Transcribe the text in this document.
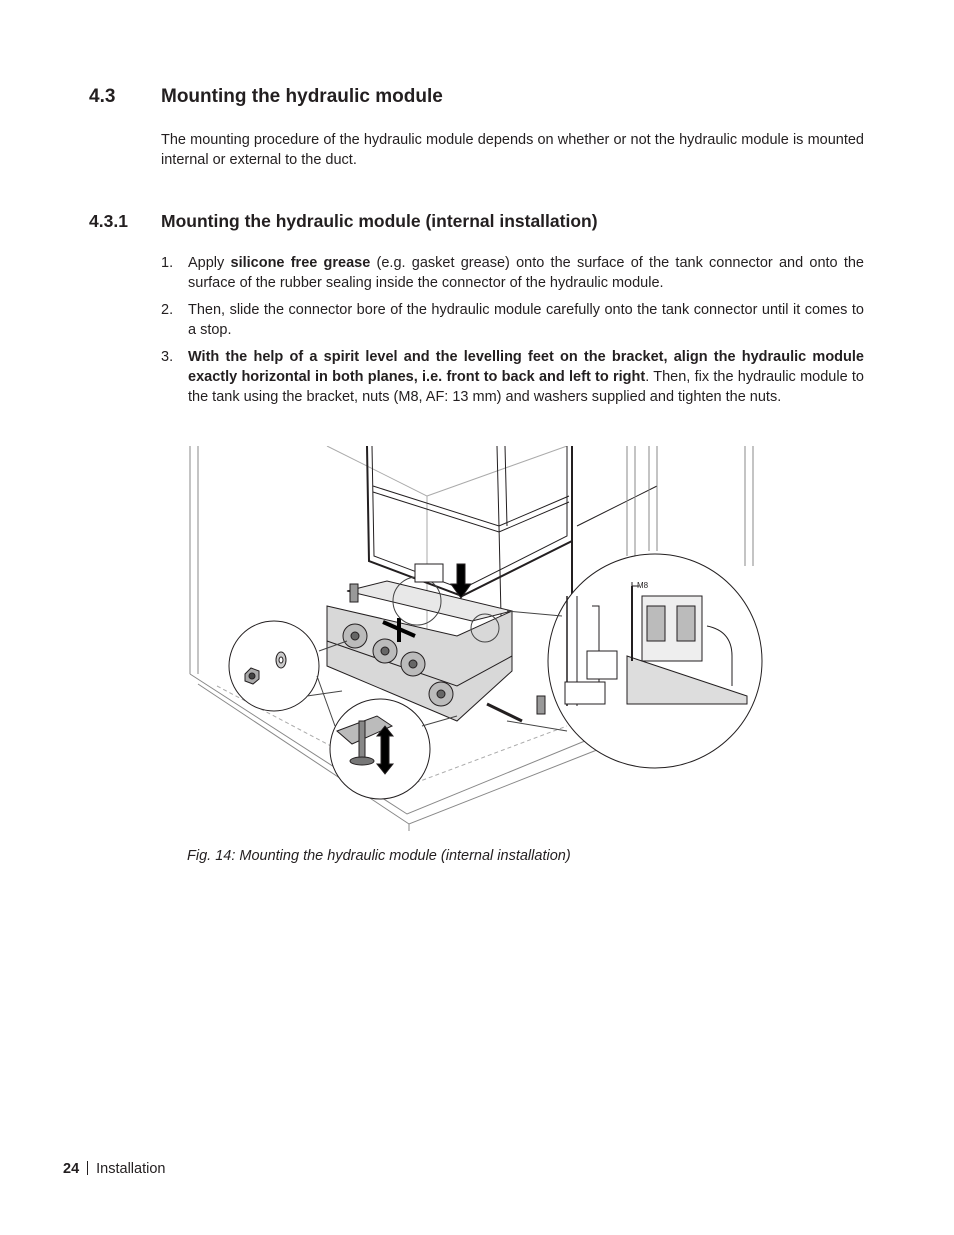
4.3	Mounting the hydraulic module
The mounting procedure of the hydraulic module depends on whether or not the hydraulic module is mounted internal or external to the duct.
4.3.1	Mounting the hydraulic module (internal installation)
1. Apply silicone free grease (e.g. gasket grease) onto the surface of the tank connector and onto the surface of the rubber sealing inside the connector of the hydraulic module.
2. Then, slide the connector bore of the hydraulic module carefully onto the tank connector until it comes to a stop.
3. With the help of a spirit level and the levelling feet on the bracket, align the hydraulic module exactly horizontal in both planes, i.e. front to back and left to right. Then, fix the hydraulic module to the tank using the bracket, nuts (M8, AF: 13 mm) and washers supplied and tighten the nuts.
M8
Fig. 14: Mounting the hydraulic module (internal installation)
24 Installation
